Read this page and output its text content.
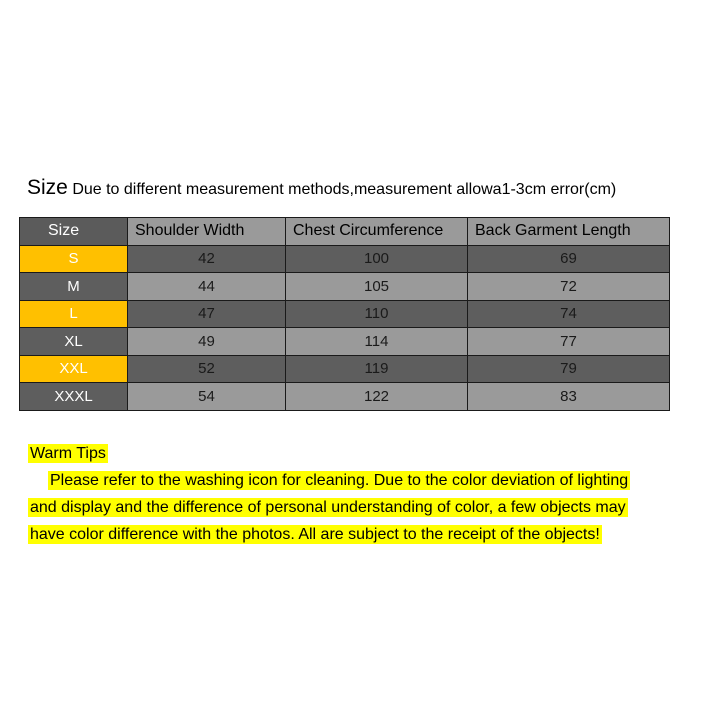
Size Due to different measurement methods,measurement allowa1-3cm error(cm)
Size	Shoulder Width	Chest Circumference	Back Garment Length
S	42	100	69
M	44	105	72
L	47	110	74
XL	49	114	77
XXL	52	119	79
XXXL	54	122	83
Warm Tips
Please refer to the washing icon for cleaning. Due to the color deviation of lighting
and display and the difference of personal understanding of color, a few objects may
have color difference with the photos. All are subject to the receipt of the objects!
